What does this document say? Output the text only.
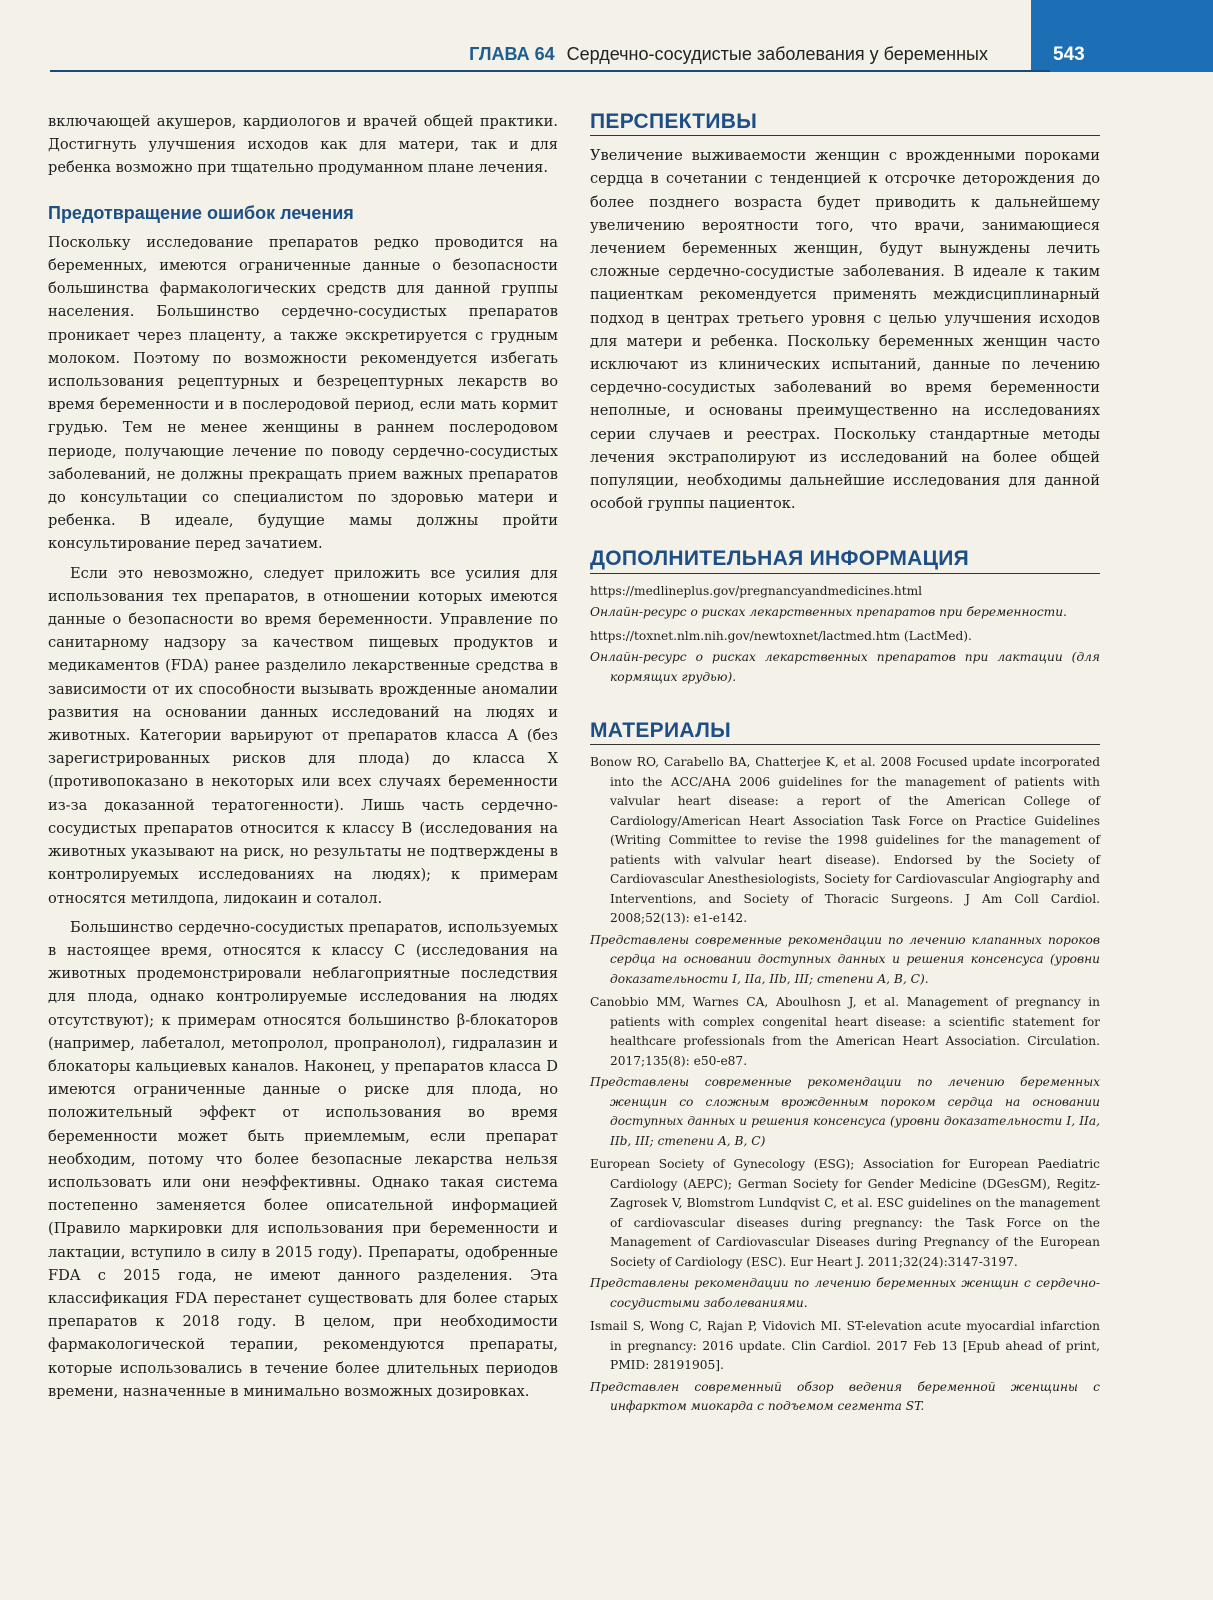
543
ГЛАВА 64 Сердечно-сосудистые заболевания у беременных

включающей акушеров, кардиологов и врачей общей практики. Достигнуть улучшения исходов как для матери, так и для ребенка возможно при тщательно продуманном плане лечения.

Предотвращение ошибок лечения

Поскольку исследование препаратов редко проводится на беременных, имеются ограниченные данные о безопасности большинства фармакологических средств для данной группы населения. Большинство сердечно-сосудистых препаратов проникает через плаценту, а также экскретируется с грудным молоком. Поэтому по возможности рекомендуется избегать использования рецептурных и безрецептурных лекарств во время беременности и в послеродовой период, если мать кормит грудью. Тем не менее женщины в раннем послеродовом периоде, получающие лечение по поводу сердечно-сосудистых заболеваний, не должны прекращать прием важных препаратов до консультации со специалистом по здоровью матери и ребенка. В идеале, будущие мамы должны пройти консультирование перед зачатием.

Если это невозможно, следует приложить все усилия для использования тех препаратов, в отношении которых имеются данные о безопасности во время беременности. Управление по санитарному надзору за качеством пищевых продуктов и медикаментов (FDA) ранее разделило лекарственные средства в зависимости от их способности вызывать врожденные аномалии развития на основании данных исследований на людях и животных. Категории варьируют от препаратов класса A (без зарегистрированных рисков для плода) до класса X (противопоказано в некоторых или всех случаях беременности из-за доказанной тератогенности). Лишь часть сердечно-сосудистых препаратов относится к классу B (исследования на животных указывают на риск, но результаты не подтверждены в контролируемых исследованиях на людях); к примерам относятся метилдопа, лидокаин и соталол.

Большинство сердечно-сосудистых препаратов, используемых в настоящее время, относятся к классу C (исследования на животных продемонстрировали неблагоприятные последствия для плода, однако контролируемые исследования на людях отсутствуют); к примерам относятся большинство β-блокаторов (например, лабеталол, метопролол, пропранолол), гидралазин и блокаторы кальциевых каналов. Наконец, у препаратов класса D имеются ограниченные данные о риске для плода, но положительный эффект от использования во время беременности может быть приемлемым, если препарат необходим, потому что более безопасные лекарства нельзя использовать или они неэффективны. Однако такая система постепенно заменяется более описательной информацией (Правило маркировки для использования при беременности и лактации, вступило в силу в 2015 году). Препараты, одобренные FDA с 2015 года, не имеют данного разделения. Эта классификация FDA перестанет существовать для более старых препаратов к 2018 году. В целом, при необходимости фармакологической терапии, рекомендуются препараты, которые использовались в течение более длительных периодов времени, назначенные в минимально возможных дозировках.

ПЕРСПЕКТИВЫ

Увеличение выживаемости женщин с врожденными пороками сердца в сочетании с тенденцией к отсрочке деторождения до более позднего возраста будет приводить к дальнейшему увеличению вероятности того, что врачи, занимающиеся лечением беременных женщин, будут вынуждены лечить сложные сердечно-сосудистые заболевания. В идеале к таким пациенткам рекомендуется применять междисциплинарный подход в центрах третьего уровня с целью улучшения исходов для матери и ребенка. Поскольку беременных женщин часто исключают из клинических испытаний, данные по лечению сердечно-сосудистых заболеваний во время беременности неполные, и основаны преимущественно на исследованиях серии случаев и реестрах. Поскольку стандартные методы лечения экстраполируют из исследований на более общей популяции, необходимы дальнейшие исследования для данной особой группы пациенток.

ДОПОЛНИТЕЛЬНАЯ ИНФОРМАЦИЯ

https://medlineplus.gov/pregnancyandmedicines.html

Онлайн-ресурс о рисках лекарственных препаратов при беременности.

https://toxnet.nlm.nih.gov/newtoxnet/lactmed.htm (LactMed).

Онлайн-ресурс о рисках лекарственных препаратов при лактации (для кормящих грудью).

МАТЕРИАЛЫ

Bonow RO, Carabello BA, Chatterjee K, et al. 2008 Focused update incorporated into the ACC/AHA 2006 guidelines for the management of patients with valvular heart disease: a report of the American College of Cardiology/American Heart Association Task Force on Practice Guidelines (Writing Committee to revise the 1998 guidelines for the management of patients with valvular heart disease). Endorsed by the Society of Cardiovascular Anesthesiologists, Society for Cardiovascular Angiography and Interventions, and Society of Thoracic Surgeons. J Am Coll Cardiol. 2008;52(13): e1-e142.

Представлены современные рекомендации по лечению клапанных пороков сердца на основании доступных данных и решения консенсуса (уровни доказательности I, IIa, IIb, III; степени A, B, C).

Canobbio MM, Warnes CA, Aboulhosn J, et al. Management of pregnancy in patients with complex congenital heart disease: a scientific statement for healthcare professionals from the American Heart Association. Circulation. 2017;135(8): e50-e87.

Представлены современные рекомендации по лечению беременных женщин со сложным врожденным пороком сердца на основании доступных данных и решения консенсуса (уровни доказательности I, IIa, IIb, III; степени A, B, C)

European Society of Gynecology (ESG); Association for European Paediatric Cardiology (AEPC); German Society for Gender Medicine (DGesGM), Regitz-Zagrosek V, Blomstrom Lundqvist C, et al. ESC guidelines on the management of cardiovascular diseases during pregnancy: the Task Force on the Management of Cardiovascular Diseases during Pregnancy of the European Society of Cardiology (ESC). Eur Heart J. 2011;32(24):3147-3197.

Представлены рекомендации по лечению беременных женщин с сердечно-сосудистыми заболеваниями.

Ismail S, Wong C, Rajan P, Vidovich MI. ST-elevation acute myocardial infarction in pregnancy: 2016 update. Clin Cardiol. 2017 Feb 13 [Epub ahead of print, PMID: 28191905].

Представлен современный обзор ведения беременной женщины с инфарктом миокарда с подъемом сегмента ST.
